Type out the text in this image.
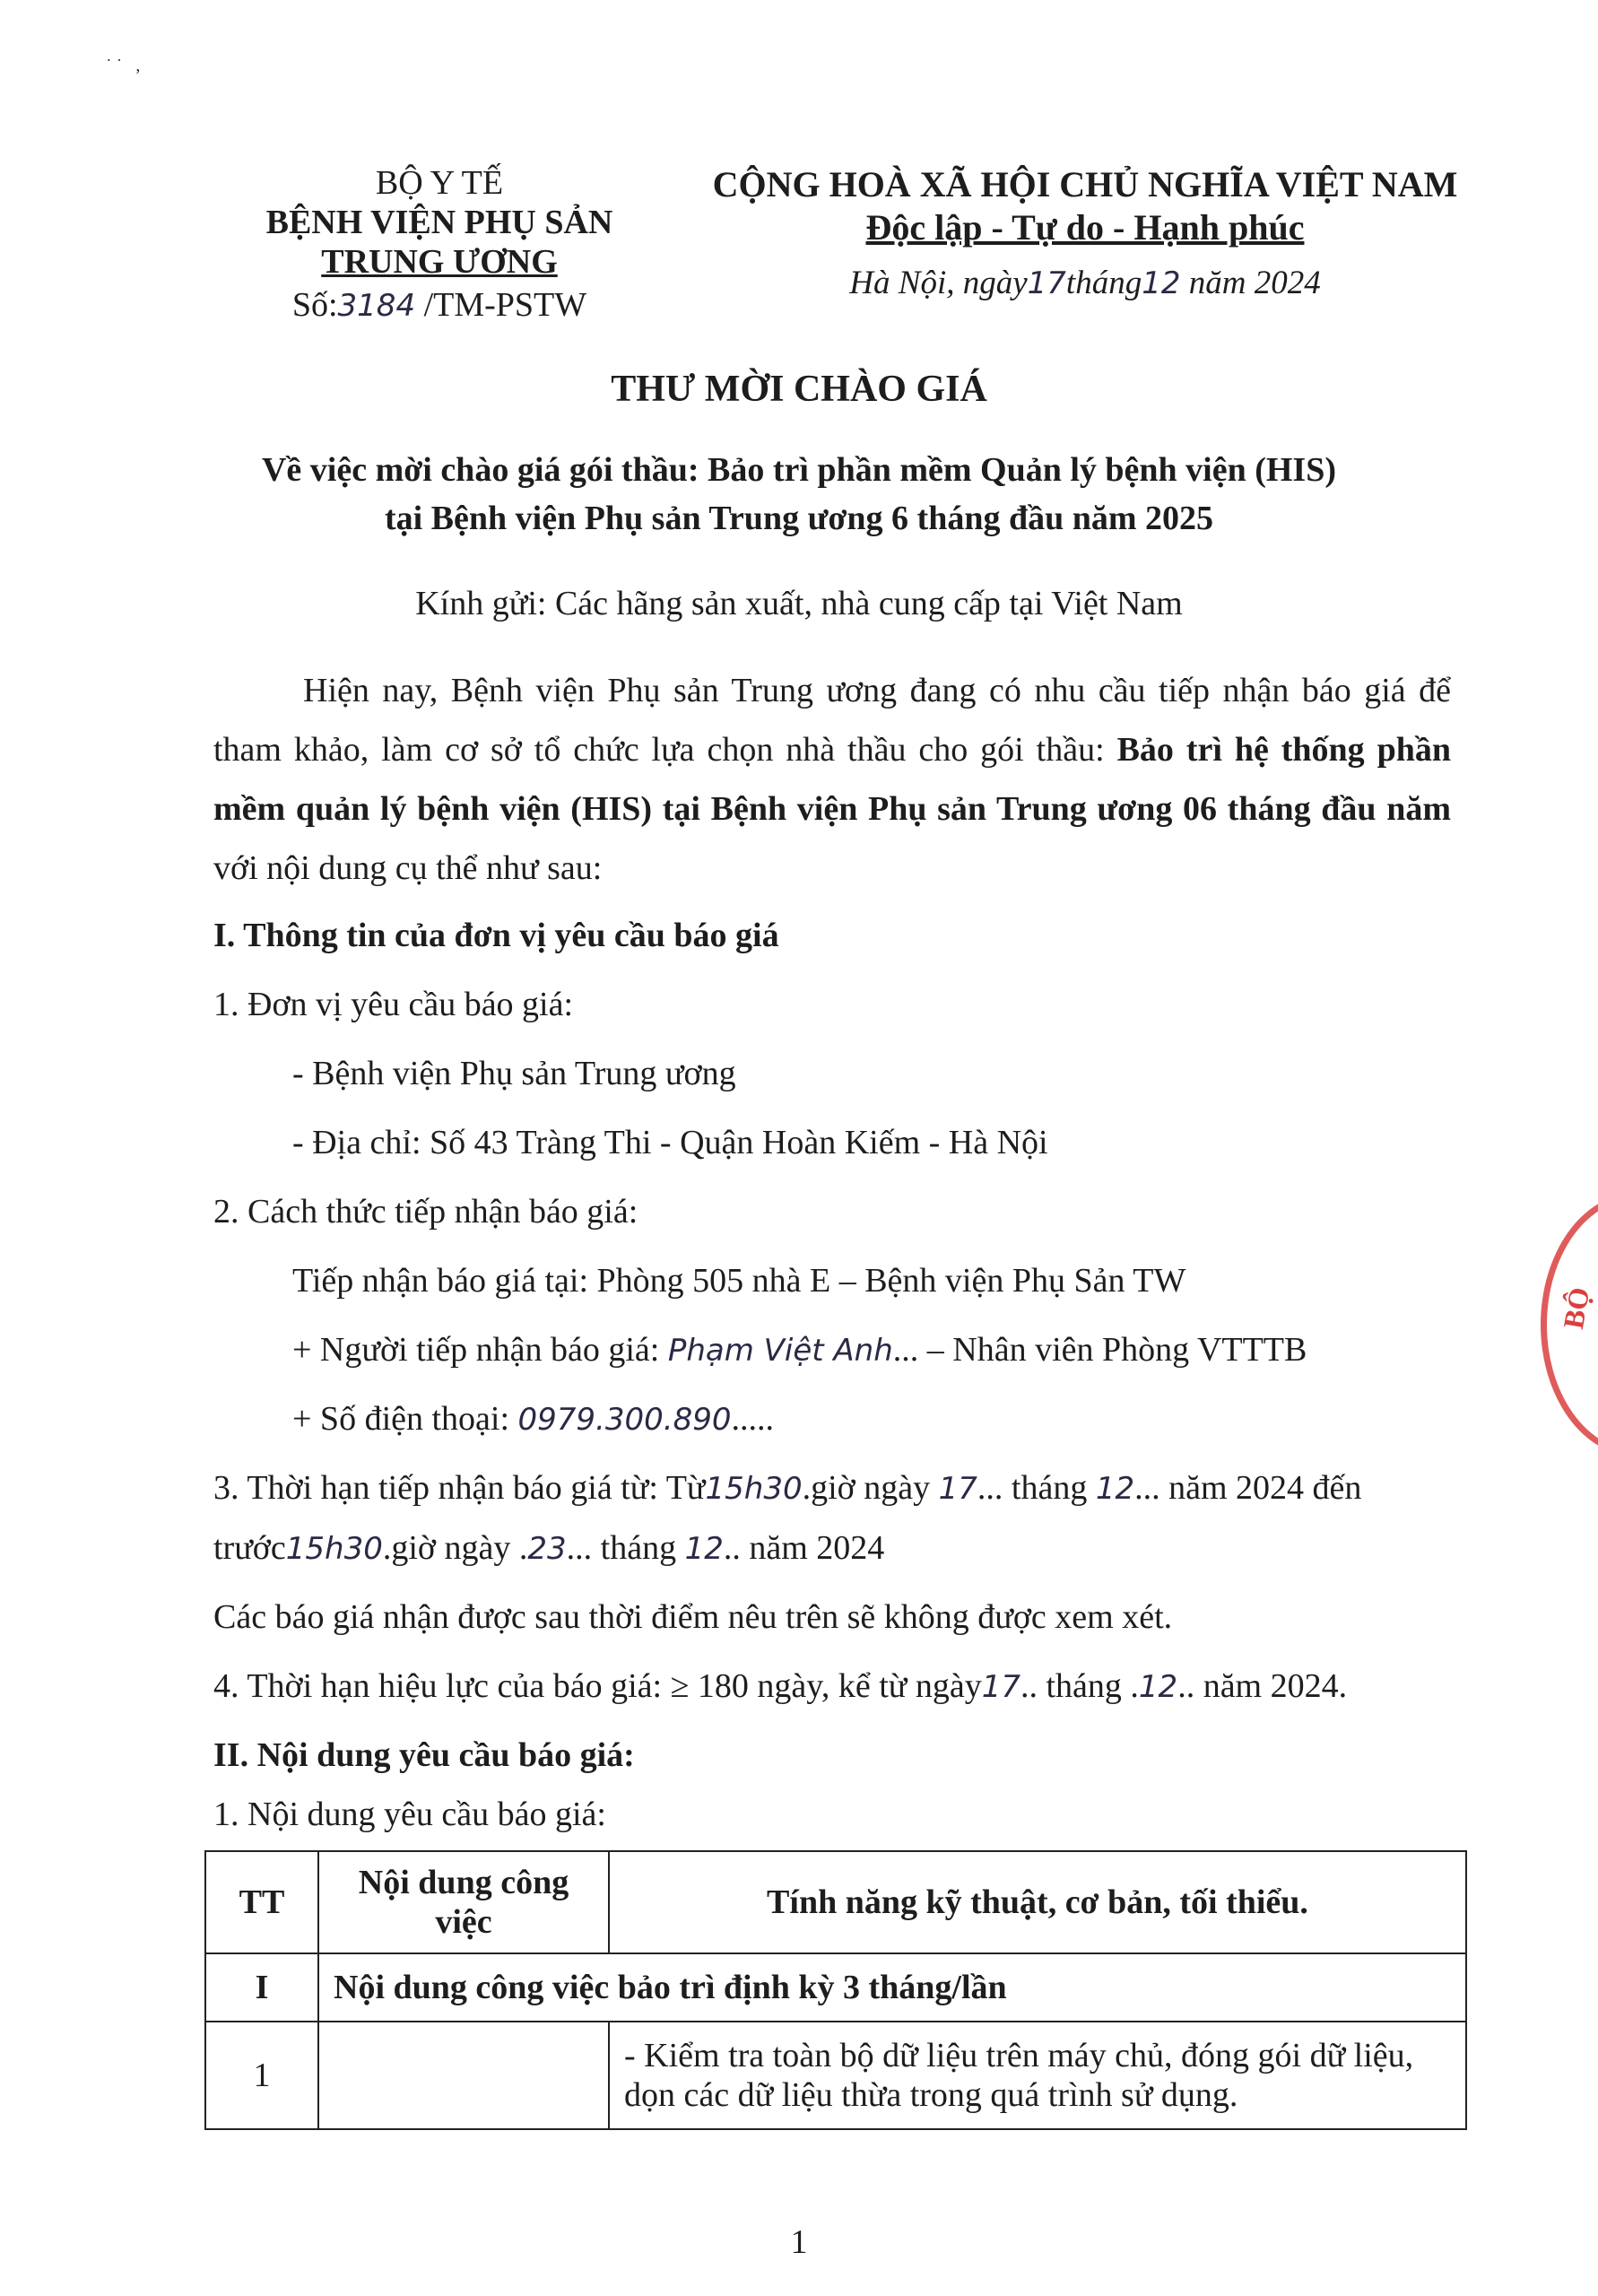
˙ ˙   ,
BỘ Y TẾ
BỆNH VIỆN PHỤ SẢN
TRUNG ƯƠNG
Số:3184 /TM-PSTW
CỘNG HOÀ XÃ HỘI CHỦ NGHĨA VIỆT NAM
Độc lập - Tự do - Hạnh phúc
Hà Nội, ngày17tháng12 năm 2024
THƯ MỜI CHÀO GIÁ
Về việc mời chào giá gói thầu: Bảo trì phần mềm Quản lý bệnh viện (HIS)
tại Bệnh viện Phụ sản Trung ương 6 tháng đầu năm 2025
Kính gửi: Các hãng sản xuất, nhà cung cấp tại Việt Nam
Hiện nay, Bệnh viện Phụ sản Trung ương đang có nhu cầu tiếp nhận báo giá để tham khảo, làm cơ sở tổ chức lựa chọn nhà thầu cho gói thầu: Bảo trì hệ thống phần mềm quản lý bệnh viện (HIS) tại Bệnh viện Phụ sản Trung ương 06 tháng đầu năm với nội dung cụ thể như sau:
I. Thông tin của đơn vị yêu cầu báo giá
1. Đơn vị yêu cầu báo giá:
- Bệnh viện Phụ sản Trung ương
- Địa chỉ: Số 43 Tràng Thi - Quận Hoàn Kiếm - Hà Nội
2. Cách thức tiếp nhận báo giá:
Tiếp nhận báo giá tại: Phòng 505 nhà E – Bệnh viện Phụ Sản TW
+ Người tiếp nhận báo giá: Phạm Việt Anh... – Nhân viên Phòng VTTTB
+ Số điện thoại: 0979.300.890.....
3. Thời hạn tiếp nhận báo giá từ: Từ15h30.giờ ngày 17... tháng 12... năm 2024 đến
trước15h30.giờ ngày .23... tháng 12.. năm 2024
Các báo giá nhận được sau thời điểm nêu trên sẽ không được xem xét.
4. Thời hạn hiệu lực của báo giá: ≥ 180 ngày, kể từ ngày17.. tháng .12.. năm 2024.
II. Nội dung yêu cầu báo giá:
1. Nội dung yêu cầu báo giá:
TT	Nội dung công việc	Tính năng kỹ thuật, cơ bản, tối thiểu.
I	Nội dung công việc bảo trì định kỳ 3 tháng/lần	
1		- Kiểm tra toàn bộ dữ liệu trên máy chủ, đóng gói dữ liệu, dọn các dữ liệu thừa trong quá trình sử dụng.
BỘ
1
